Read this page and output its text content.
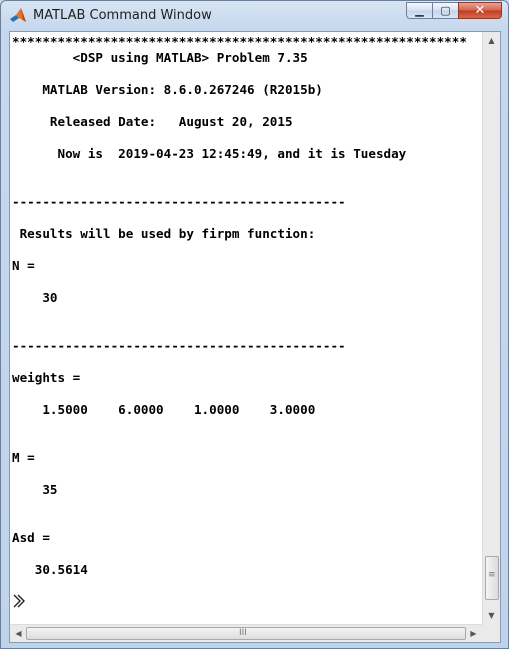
MATLAB Command Window	▁ ▢ ✕
************************************************************
<DSP using MATLAB> Problem 7.35

MATLAB Version: 8.6.0.267246 (R2015b)

Released Date:   August 20, 2015

Now is  2019-04-23 12:45:49, and it is Tuesday

--------------------------------------------

Results will be used by firpm function:

N =

30

--------------------------------------------

weights =

1.5000    6.0000    1.0000    3.0000

M =

35

Asd =

30.5614

▲
≡
▼
◀	III	▶
